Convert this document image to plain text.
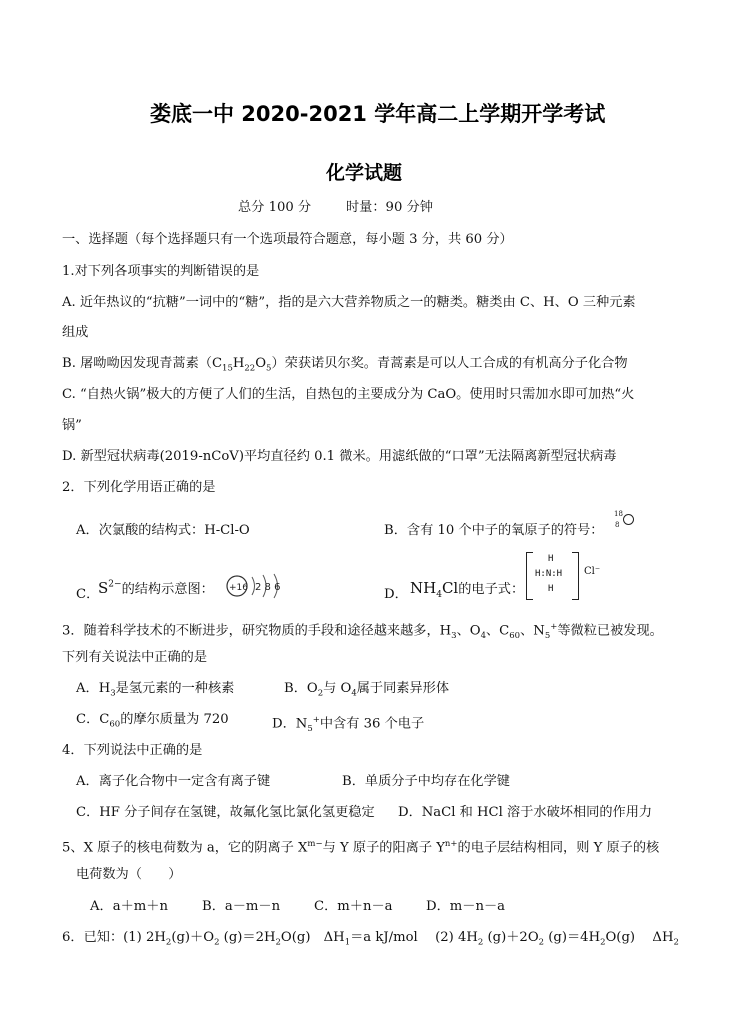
娄底一中 2020-2021 学年高二上学期开学考试
化学试题
总分 100 分	时量：90 分钟
一、选择题（每个选择题只有一个选项最符合题意，每小题 3 分，共 60 分）
1.对下列各项事实的判断错误的是
A. 近年热议的“抗糖”一词中的“糖”，指的是六大营养物质之一的糖类。糖类由 C、H、O 三种元素
组成
B. 屠呦呦因发现青蒿素$(C_{15}H_{22}O_5)$荣获诺贝尔奖。青蒿素是可以人工合成的有机高分子化合物
C. “自热火锅”极大的方便了人们的生活，自热包的主要成分为 CaO。使用时只需加水即可加热“火
锅”
D. 新型冠状病毒(2019-nCoV)平均直径约 0.1 微米。用滤纸做的“口罩”无法隔离新型冠状病毒
2．下列化学用语正确的是
A．次氯酸的结构式：H-Cl-O	B．含有 10 个中子的氧原子的符号：
18
8
C．
$S^{2-}$的结构示意图： +16 2 8 6	D． $NH_4Cl$的电子式：
H
H:N:H
H
Cl⁻
3．随着科学技术的不断进步，研究物质的手段和途径越来越多，$H_3$、$O_4$、$C_{60}$、$N_5^+$等微粒已被发现。
下列有关说法中正确的是
A．$H_3$是氢元素的一种核素	B．$O_2$与 $O_4$属于同素异形体
C．$C_{60}$的摩尔质量为 720	D．$N_5^+$中含有 36 个电子
4．下列说法中正确的是
A．离子化合物中一定含有离子键	B．单质分子中均存在化学键
C．HF 分子间存在氢键，故氟化氢比氯化氢更稳定 D．NaCl 和 HCl 溶于水破坏相同的作用力
5、X 原子的核电荷数为 a，它的阴离子 $X^{m-}$与 Y 原子的阳离子 $Y^{n+}$的电子层结构相同，则 Y 原子的核
电荷数为（　　）
A．a＋m＋n	B．a－m－n	C．m＋n－a	D．m－n－a
6．已知：(1) $2H_2(g)+O_2$ $(g)=2H_2O(g)$　$\Delta H_1=a$ kJ/mol　 (2) $4H_2$ $(g)+2O_2$ $(g)=4H_2O(g)$　 $\Delta H_2$
